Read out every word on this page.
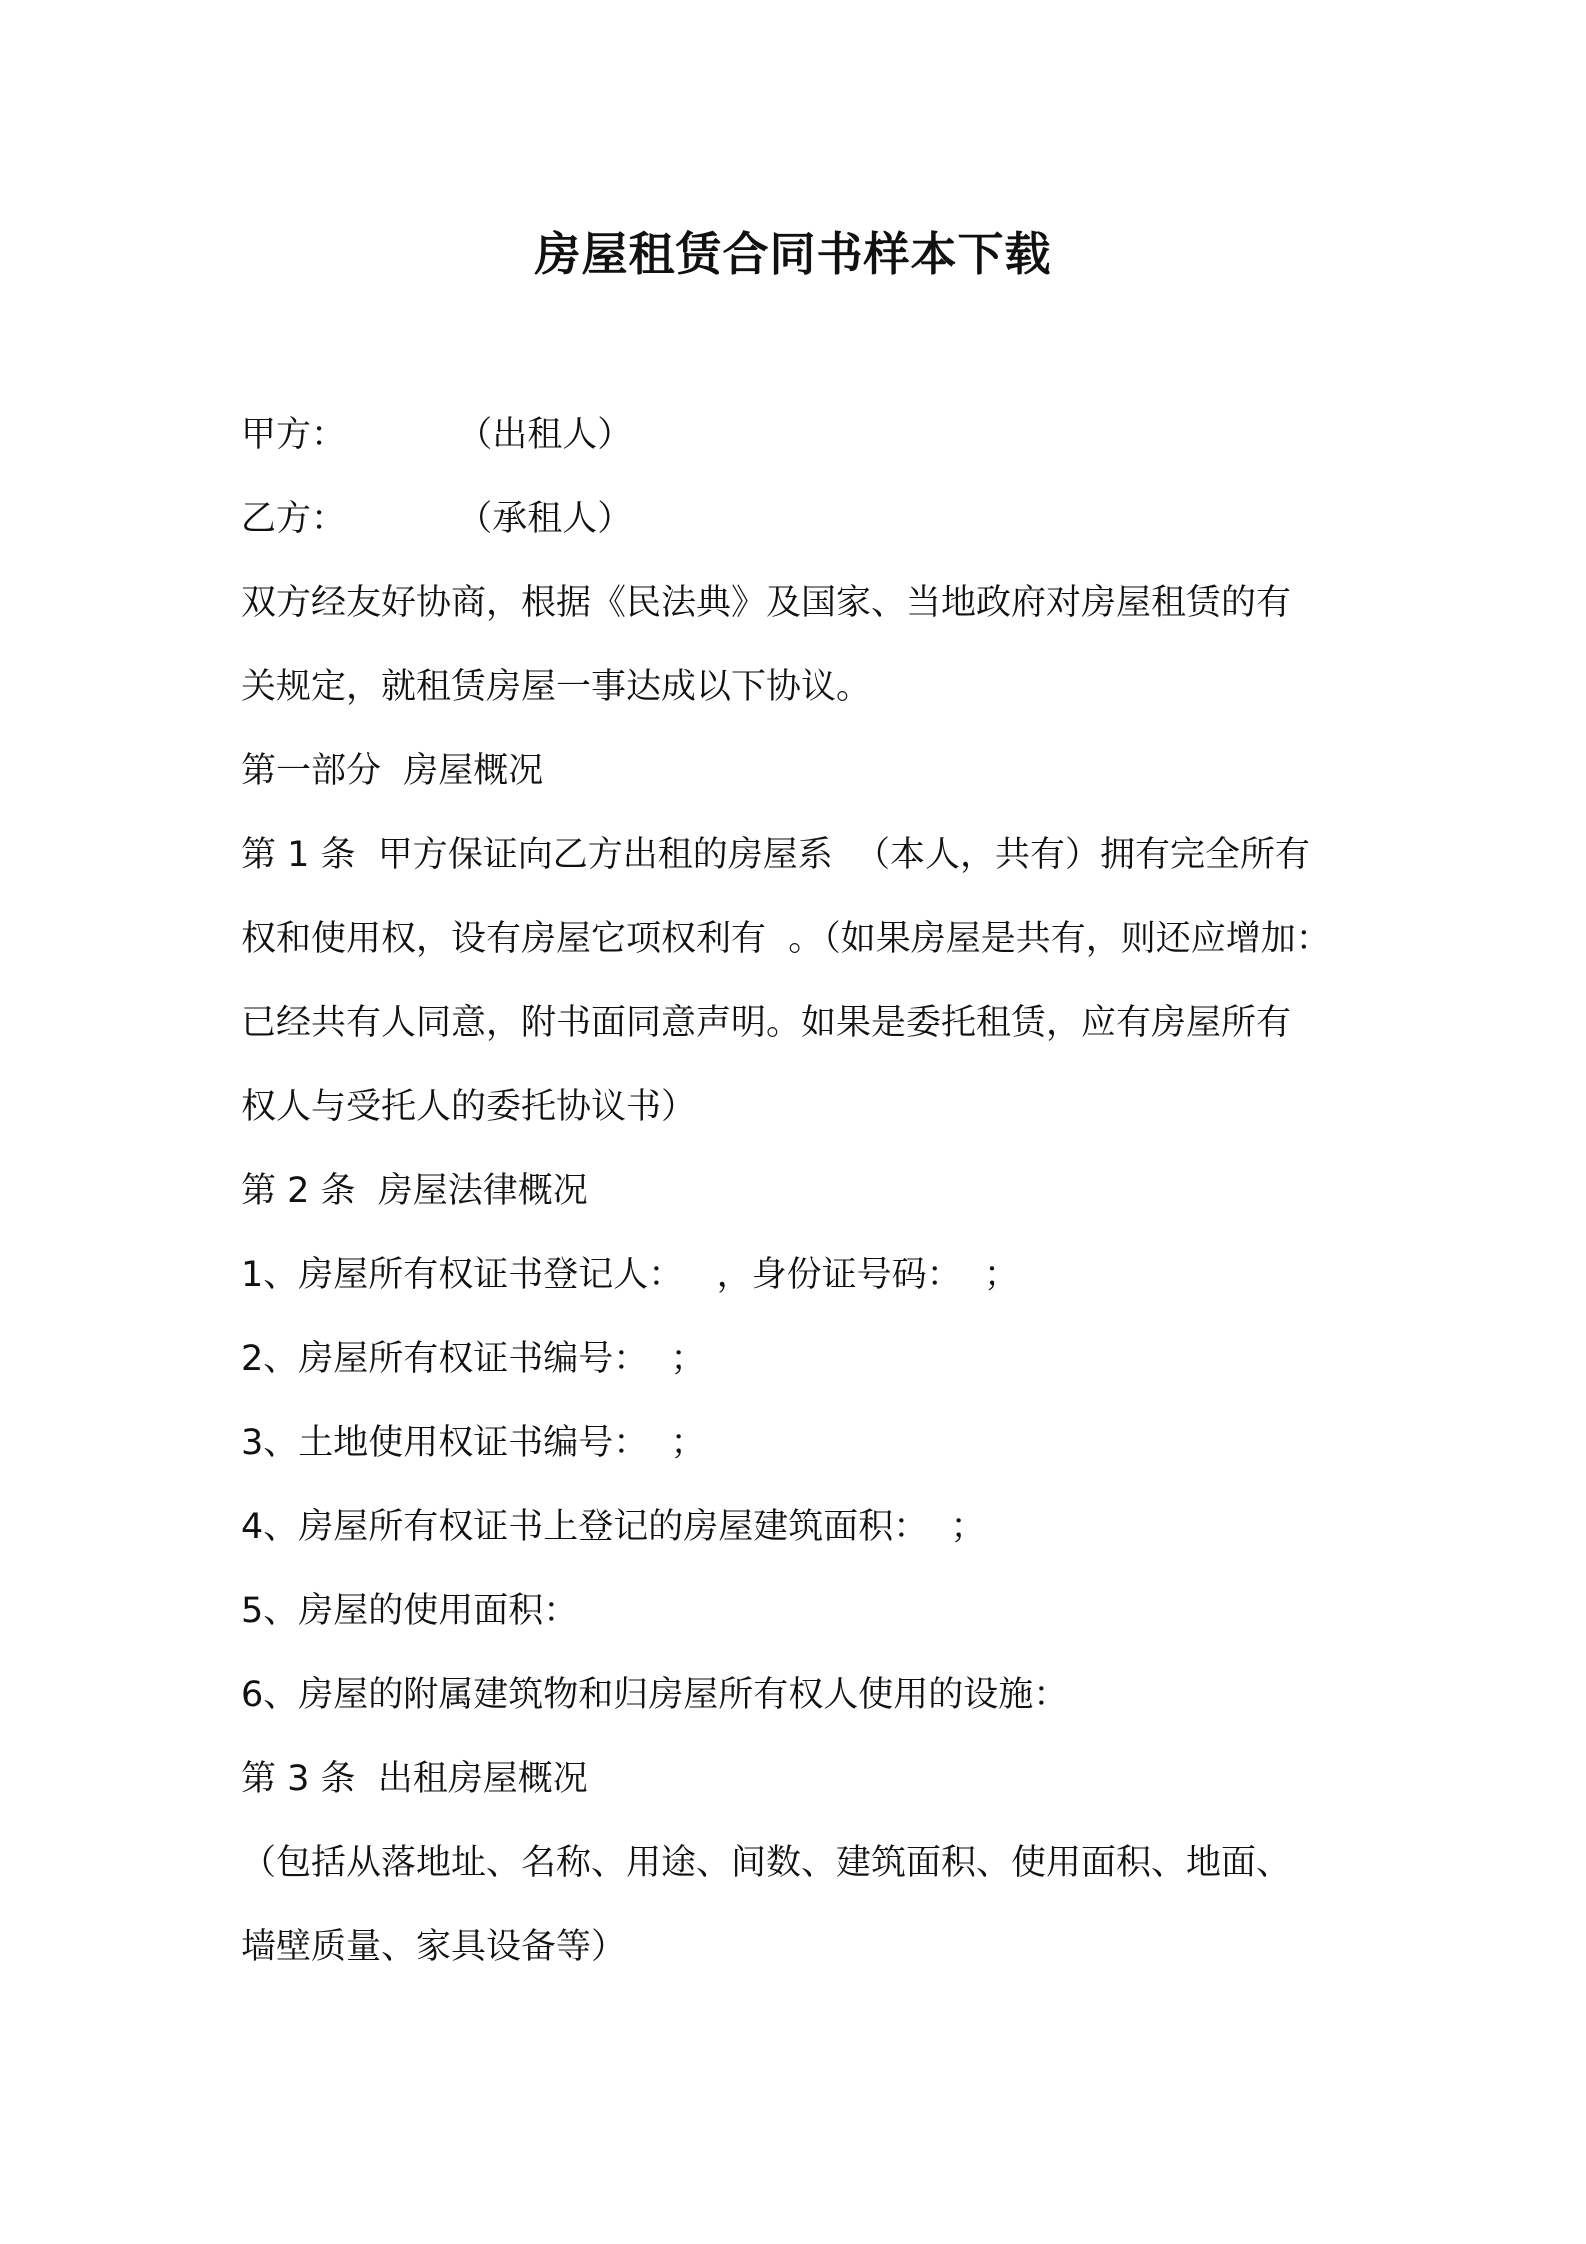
房屋租赁合同书样本下载
甲方：          （出租人）
乙方：          （承租人）
双方经友好协商，根据《民法典》及国家、当地政府对房屋租赁的有
关规定，就租赁房屋一事达成以下协议。
第一部分  房屋概况
第 1 条  甲方保证向乙方出租的房屋系  （本人，共有）拥有完全所有
权和使用权，设有房屋它项权利有  。（如果房屋是共有，则还应增加：
已经共有人同意，附书面同意声明。如果是委托租赁，应有房屋所有
权人与受托人的委托协议书）
第 2 条  房屋法律概况
1、房屋所有权证书登记人：   ，身份证号码：  ；
2、房屋所有权证书编号：  ；
3、土地使用权证书编号：  ；
4、房屋所有权证书上登记的房屋建筑面积：  ；
5、房屋的使用面积：
6、房屋的附属建筑物和归房屋所有权人使用的设施：
第 3 条  出租房屋概况
（包括从落地址、名称、用途、间数、建筑面积、使用面积、地面、
墙壁质量、家具设备等）
